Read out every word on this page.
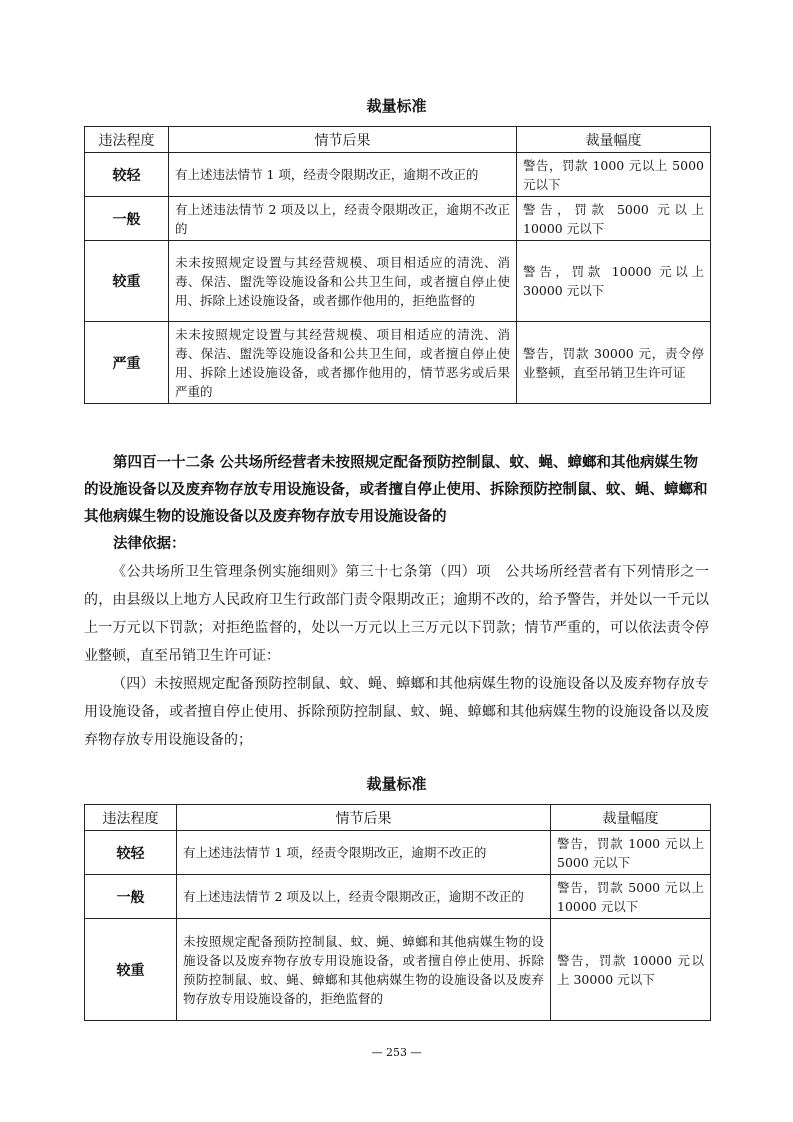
裁量标准
违法程度	情节后果	裁量幅度
较轻	有上述违法情节 1 项，经责令限期改正，逾期不改正的	警告，罚款 1000 元以上 5000 元以下
一般	有上述违法情节 2 项及以上，经责令限期改正，逾期不改正的	警告，罚款 5000 元以上 10000 元以下
较重	未未按照规定设置与其经营规模、项目相适应的清洗、消毒、保洁、盥洗等设施设备和公共卫生间，或者擅自停止使用、拆除上述设施设备，或者挪作他用的，拒绝监督的	警告，罚款 10000 元以上 30000 元以下
严重	未未按照规定设置与其经营规模、项目相适应的清洗、消毒、保洁、盥洗等设施设备和公共卫生间，或者擅自停止使用、拆除上述设施设备，或者挪作他用的，情节恶劣或后果严重的	警告，罚款 30000 元，责令停业整顿，直至吊销卫生许可证

第四百一十二条 公共场所经营者未按照规定配备预防控制鼠、蚊、蝇、蟑螂和其他病媒生物的设施设备以及废弃物存放专用设施设备，或者擅自停止使用、拆除预防控制鼠、蚊、蝇、蟑螂和其他病媒生物的设施设备以及废弃物存放专用设施设备的

法律依据：

《公共场所卫生管理条例实施细则》第三十七条第（四）项　公共场所经营者有下列情形之一的，由县级以上地方人民政府卫生行政部门责令限期改正；逾期不改的，给予警告，并处以一千元以上一万元以下罚款；对拒绝监督的，处以一万元以上三万元以下罚款；情节严重的，可以依法责令停业整顿，直至吊销卫生许可证：

（四）未按照规定配备预防控制鼠、蚊、蝇、蟑螂和其他病媒生物的设施设备以及废弃物存放专用设施设备，或者擅自停止使用、拆除预防控制鼠、蚊、蝇、蟑螂和其他病媒生物的设施设备以及废弃物存放专用设施设备的；

裁量标准
违法程度	情节后果	裁量幅度
较轻	有上述违法情节 1 项，经责令限期改正，逾期不改正的	警告，罚款 1000 元以上 5000 元以下
一般	有上述违法情节 2 项及以上，经责令限期改正，逾期不改正的	警告，罚款 5000 元以上 10000 元以下
较重	未按照规定配备预防控制鼠、蚊、蝇、蟑螂和其他病媒生物的设施设备以及废弃物存放专用设施设备，或者擅自停止使用、拆除预防控制鼠、蚊、蝇、蟑螂和其他病媒生物的设施设备以及废弃物存放专用设施设备的，拒绝监督的	警告，罚款 10000 元以上 30000 元以下
— 253 —
